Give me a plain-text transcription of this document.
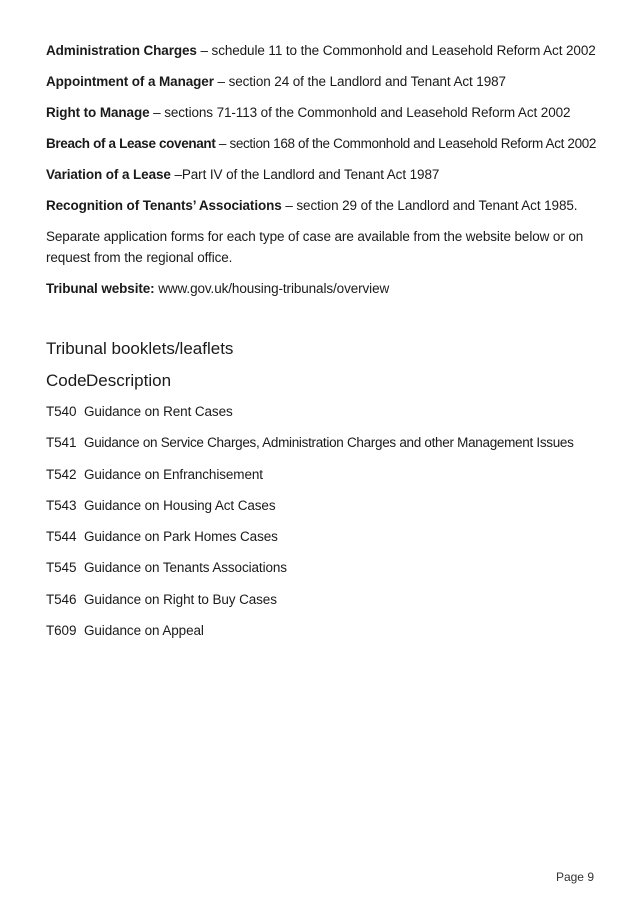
Administration Charges – schedule 11 to the Commonhold and Leasehold Reform Act 2002

Appointment of a Manager – section 24 of the Landlord and Tenant Act 1987

Right to Manage – sections 71-113 of the Commonhold and Leasehold Reform Act 2002

Breach of a Lease covenant – section 168 of the Commonhold and Leasehold Reform Act 2002

Variation of a Lease –Part IV of the Landlord and Tenant Act 1987

Recognition of Tenants’ Associations – section 29 of the Landlord and Tenant Act 1985.

Separate application forms for each type of case are available from the website below or on request from the regional office.

Tribunal website: www.gov.uk/housing-tribunals/overview

Tribunal booklets/leaflets
CodeDescription
T540 Guidance on Rent Cases
T541 Guidance on Service Charges, Administration Charges and other Management Issues
T542 Guidance on Enfranchisement
T543 Guidance on Housing Act Cases
T544 Guidance on Park Homes Cases
T545 Guidance on Tenants Associations
T546 Guidance on Right to Buy Cases
T609 Guidance on Appeal
Page 9
